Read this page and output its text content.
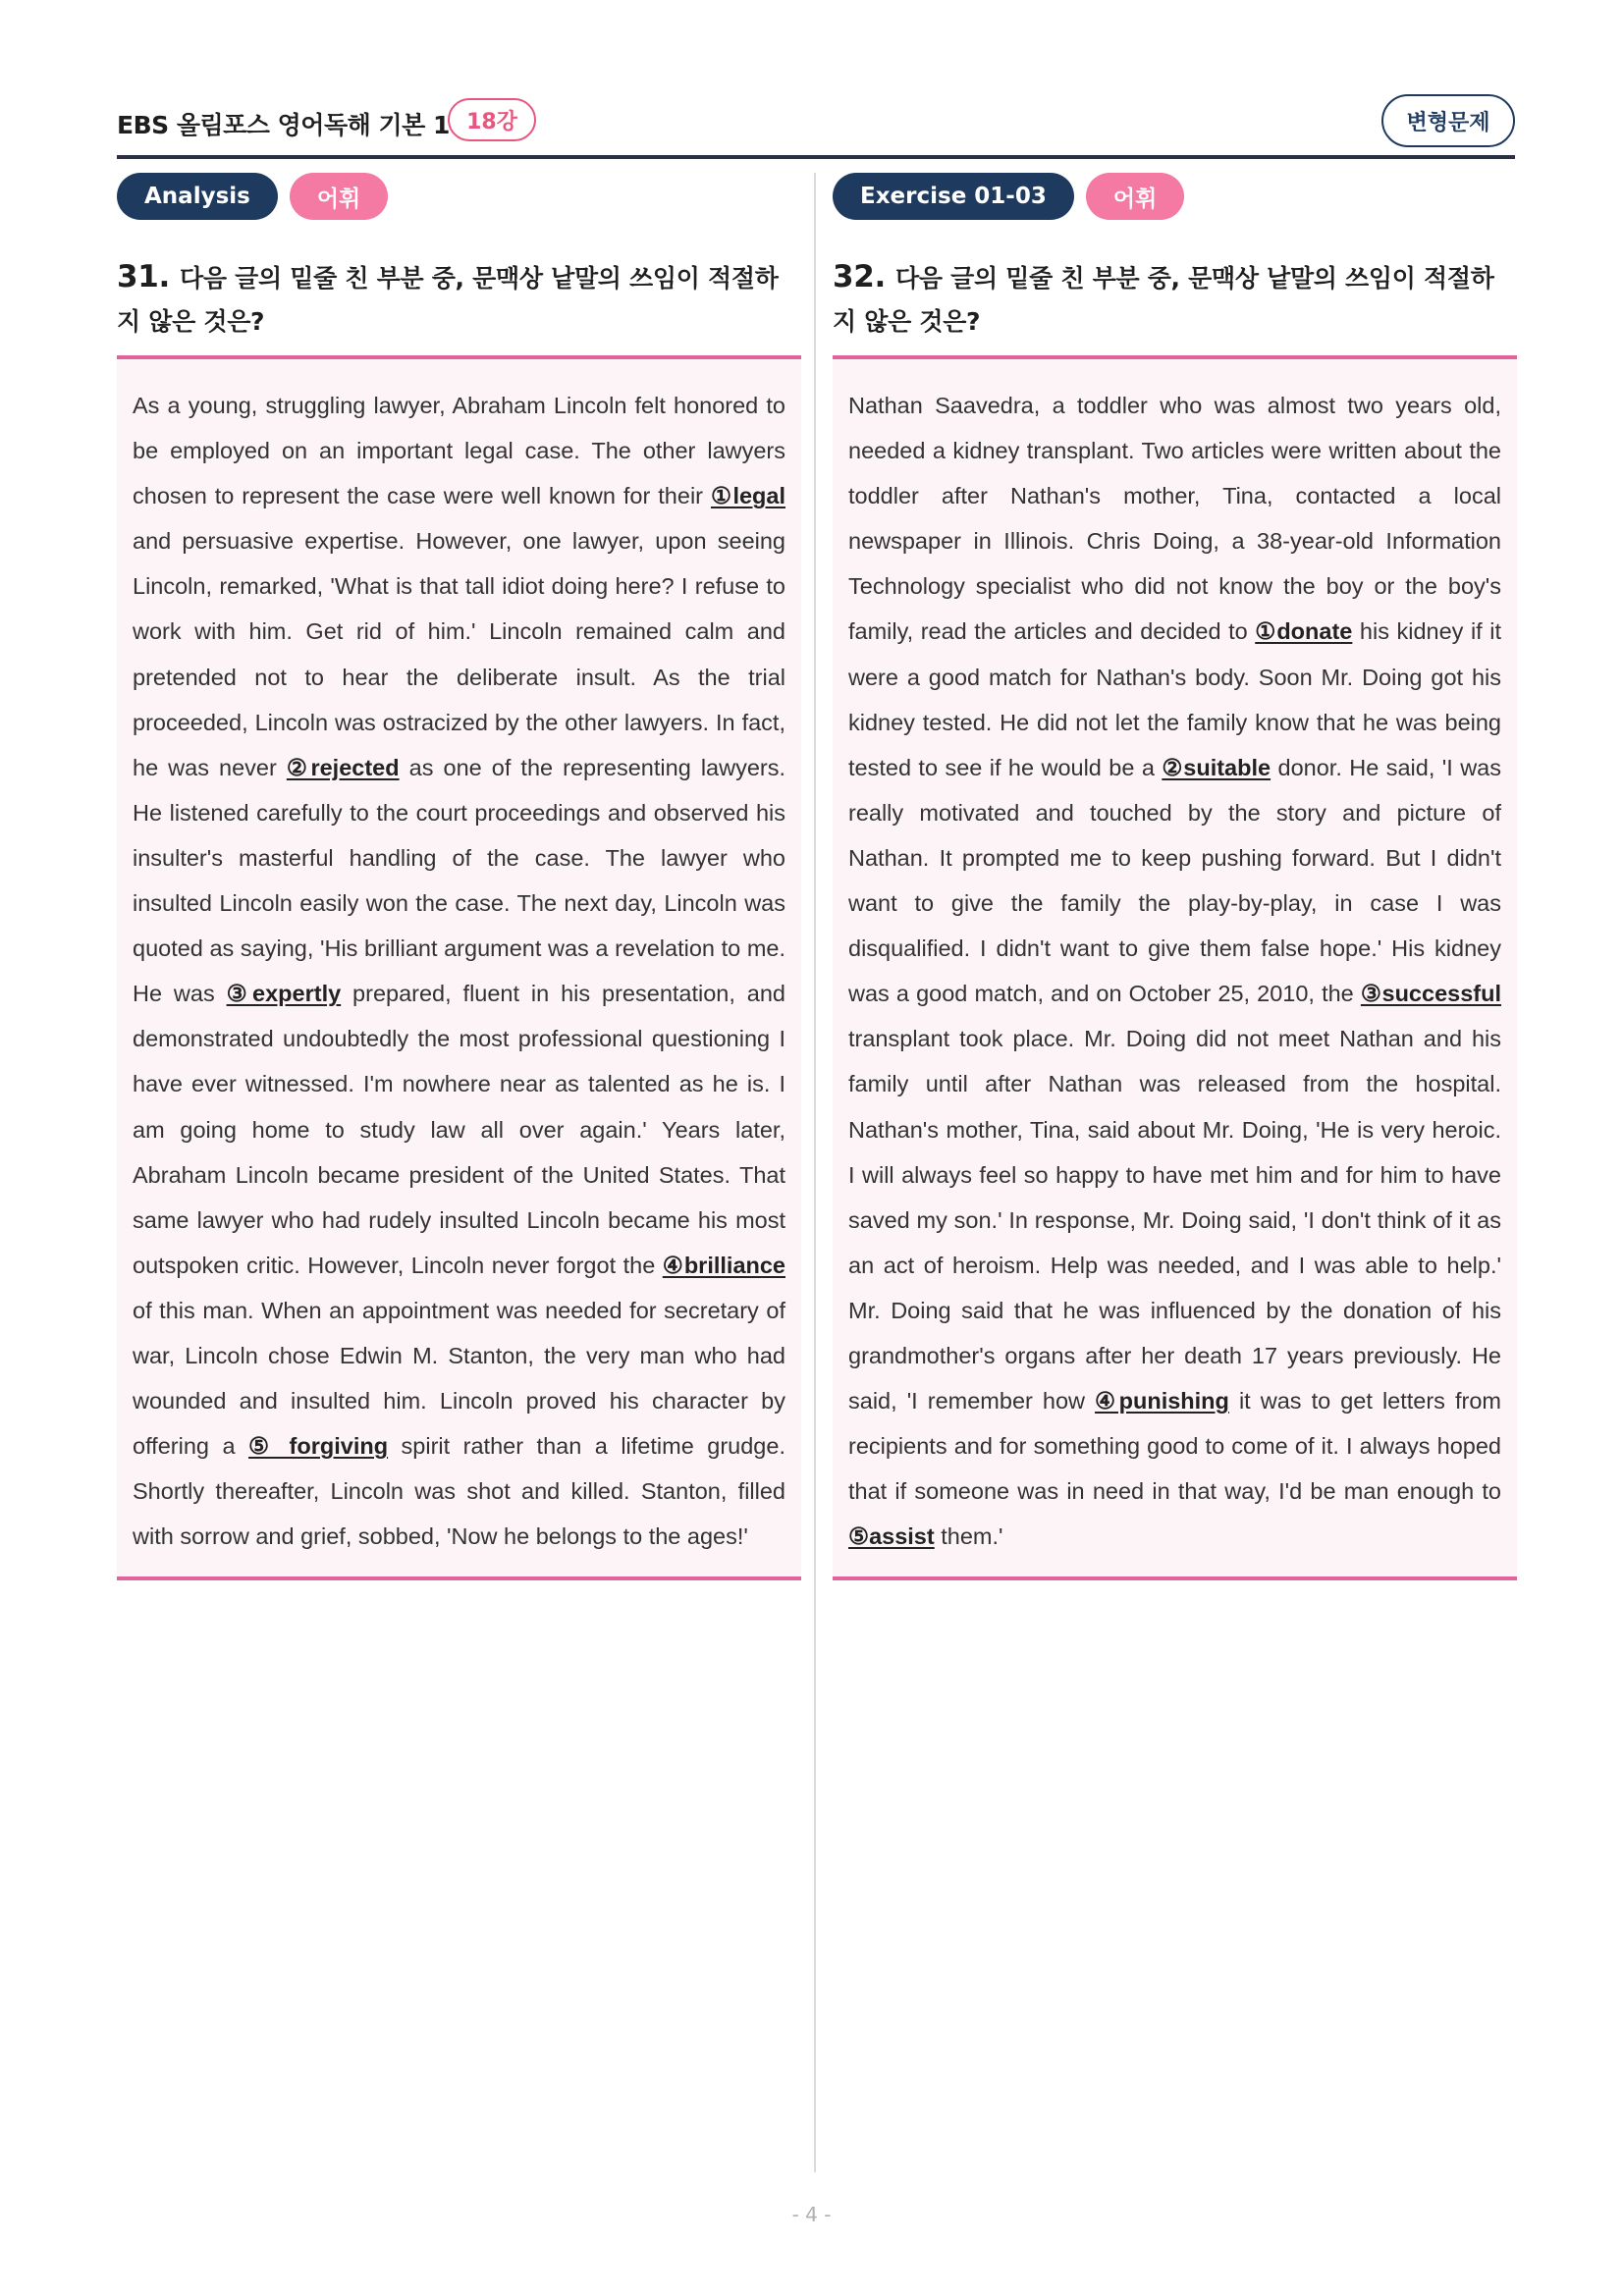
EBS 올림포스 영어독해 기본 1 18강	변형문제
Analysis	어휘
31. 다음 글의 밑줄 친 부분 중, 문맥상 낱말의 쓰임이 적절하지 않은 것은?
As a young, struggling lawyer, Abraham Lincoln felt honored to be employed on an important legal case. The other lawyers chosen to represent the case were well known for their ①legal and persuasive expertise. However, one lawyer, upon seeing Lincoln, remarked, 'What is that tall idiot doing here? I refuse to work with him. Get rid of him.' Lincoln remained calm and pretended not to hear the deliberate insult. As the trial proceeded, Lincoln was ostracized by the other lawyers. In fact, he was never ②rejected as one of the representing lawyers. He listened carefully to the court proceedings and observed his insulter's masterful handling of the case. The lawyer who insulted Lincoln easily won the case. The next day, Lincoln was quoted as saying, 'His brilliant argument was a revelation to me. He was ③expertly prepared, fluent in his presentation, and demonstrated undoubtedly the most professional questioning I have ever witnessed. I'm nowhere near as talented as he is. I am going home to study law all over again.' Years later, Abraham Lincoln became president of the United States. That same lawyer who had rudely insulted Lincoln became his most outspoken critic. However, Lincoln never forgot the ④brilliance of this man. When an appointment was needed for secretary of war, Lincoln chose Edwin M. Stanton, the very man who had wounded and insulted him. Lincoln proved his character by offering a ⑤ forgiving spirit rather than a lifetime grudge. Shortly thereafter, Lincoln was shot and killed. Stanton, filled with sorrow and grief, sobbed, 'Now he belongs to the ages!'
Exercise 01-03	어휘
32. 다음 글의 밑줄 친 부분 중, 문맥상 낱말의 쓰임이 적절하지 않은 것은?
Nathan Saavedra, a toddler who was almost two years old, needed a kidney transplant. Two articles were written about the toddler after Nathan's mother, Tina, contacted a local newspaper in Illinois. Chris Doing, a 38-year-old Information Technology specialist who did not know the boy or the boy's family, read the articles and decided to ①donate his kidney if it were a good match for Nathan's body. Soon Mr. Doing got his kidney tested. He did not let the family know that he was being tested to see if he would be a ②suitable donor. He said, 'I was really motivated and touched by the story and picture of Nathan. It prompted me to keep pushing forward. But I didn't want to give the family the play-by-play, in case I was disqualified. I didn't want to give them false hope.' His kidney was a good match, and on October 25, 2010, the ③successful transplant took place. Mr. Doing did not meet Nathan and his family until after Nathan was released from the hospital. Nathan's mother, Tina, said about Mr. Doing, 'He is very heroic. I will always feel so happy to have met him and for him to have saved my son.' In response, Mr. Doing said, 'I don't think of it as an act of heroism. Help was needed, and I was able to help.' Mr. Doing said that he was influenced by the donation of his grandmother's organs after her death 17 years previously. He said, 'I remember how ④punishing it was to get letters from recipients and for something good to come of it. I always hoped that if someone was in need in that way, I'd be man enough to ⑤assist them.'
- 4 -
